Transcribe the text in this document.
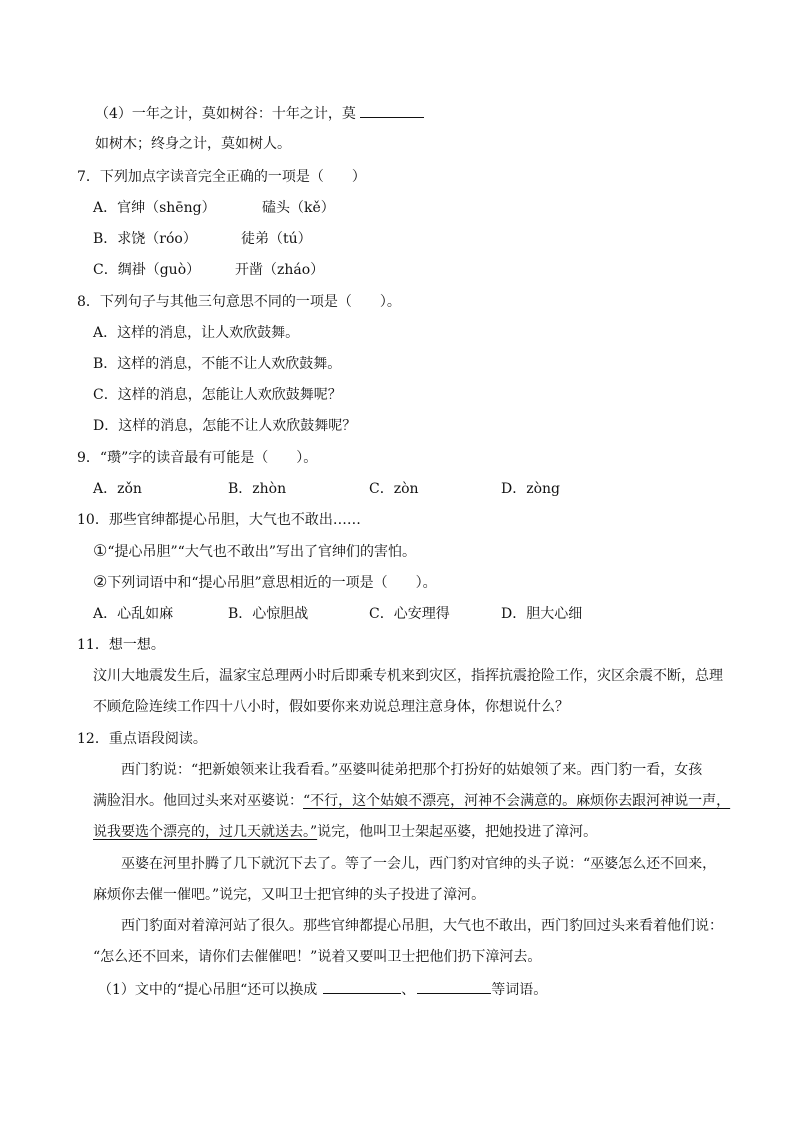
（4）一年之计，莫如树谷：十年之计，莫
如树木；终身之计，莫如树人。
7．下列加点字读音完全正确的一项是（　　）
A．官绅（shēng）	磕头（kě）
B．求饶（róo）	徒弟（tú）
C．绸褂（guò） 开凿（zháo）
8．下列句子与其他三句意思不同的一项是（　　）。
A．这样的消息，让人欢欣鼓舞。
B．这样的消息，不能不让人欢欣鼓舞。
C．这样的消息，怎能让人欢欣鼓舞呢？
D．这样的消息，怎能不让人欢欣鼓舞呢？
9．“瓒”字的读音最有可能是（　　）。
A．zǒn	B．zhòn	C．zòn	D．zòng
10．那些官绅都提心吊胆，大气也不敢出……
①“提心吊胆”“大气也不敢出”写出了官绅们的害怕。
②下列词语中和“提心吊胆”意思相近的一项是（　　）。
A．心乱如麻	B．心惊胆战	C．心安理得	D．胆大心细
11．想一想。
汶川大地震发生后，温家宝总理两小时后即乘专机来到灾区，指挥抗震抢险工作，灾区余震不断，总理
不顾危险连续工作四十八小时，假如要你来劝说总理注意身体，你想说什么？
12．重点语段阅读。
西门豹说：“把新娘领来让我看看。”巫婆叫徒弟把那个打扮好的姑娘领了来。西门豹一看，女孩
满脸泪水。他回过头来对巫婆说：“不行，这个姑娘不漂亮，河神不会满意的。麻烦你去跟河神说一声，
说我要选个漂亮的，过几天就送去。”说完，他叫卫士架起巫婆，把她投进了漳河。
巫婆在河里扑腾了几下就沉下去了。等了一会儿，西门豹对官绅的头子说：“巫婆怎么还不回来，
麻烦你去催一催吧。”说完，又叫卫士把官绅的头子投进了漳河。
西门豹面对着漳河站了很久。那些官绅都提心吊胆，大气也不敢出，西门豹回过头来看着他们说：
“怎么还不回来，请你们去催催吧！”说着又要叫卫士把他们扔下漳河去。
（1）文中的“提心吊胆“还可以换成	、	等词语。
